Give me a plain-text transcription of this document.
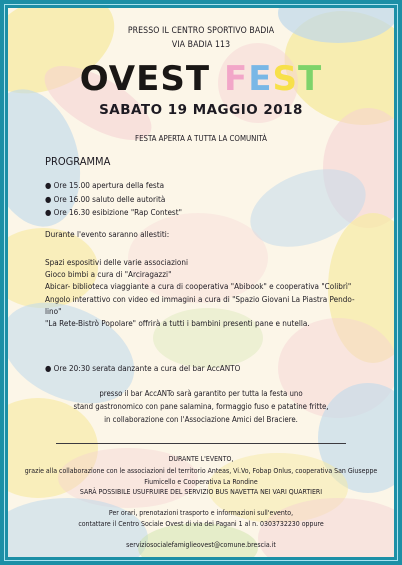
PRESSO IL CENTRO SPORTIVO BADIA
VIA BADIA 113
OVEST FEST
SABATO 19 MAGGIO 2018
FESTA APERTA A TUTTA LA COMUNITÀ
PROGRAMMA
● Ore 15.00 apertura della festa
● Ore 16.00 saluto delle autorità
● Ore 16.30 esibizione "Rap Contest"
Durante l'evento saranno allestiti:
Spazi espositivi delle varie associazioni
Gioco bimbi a cura di "Arciragazzi"
Abicar- biblioteca viaggiante a cura di cooperativa "Abibook" e cooperativa "Colibrì"
Angolo interattivo con video ed immagini a cura di "Spazio Giovani La Piastra Pendo-
lino"
"La Rete-Bistrò Popolare" offrirà a tutti i bambini presenti pane e nutella.
● Ore 20:30 serata danzante a cura del bar AccANTO
presso il bar AccANTo sarà garantito per tutta la festa uno
stand gastronomico con pane salamina, formaggio fuso e patatine fritte,
in collaborazione con l'Associazione Amici del Braciere.
DURANTE L'EVENTO,
grazie alla collaborazione con le associazioni del territorio Anteas, Vi.Vo, Fobap Onlus, cooperativa San Giuseppe
Fiumicello e Cooperativa La Rondine
SARÀ POSSIBILE USUFRUIRE DEL SERVIZIO BUS NAVETTA NEI VARI QUARTIERI
Per orari, prenotazioni trasporto e informazioni sull'evento,
contattare il Centro Sociale Ovest di via dei Pagani 1 al n. 0303732230 oppure
serviziosocialefamiglieovest@comune.brescia.it
